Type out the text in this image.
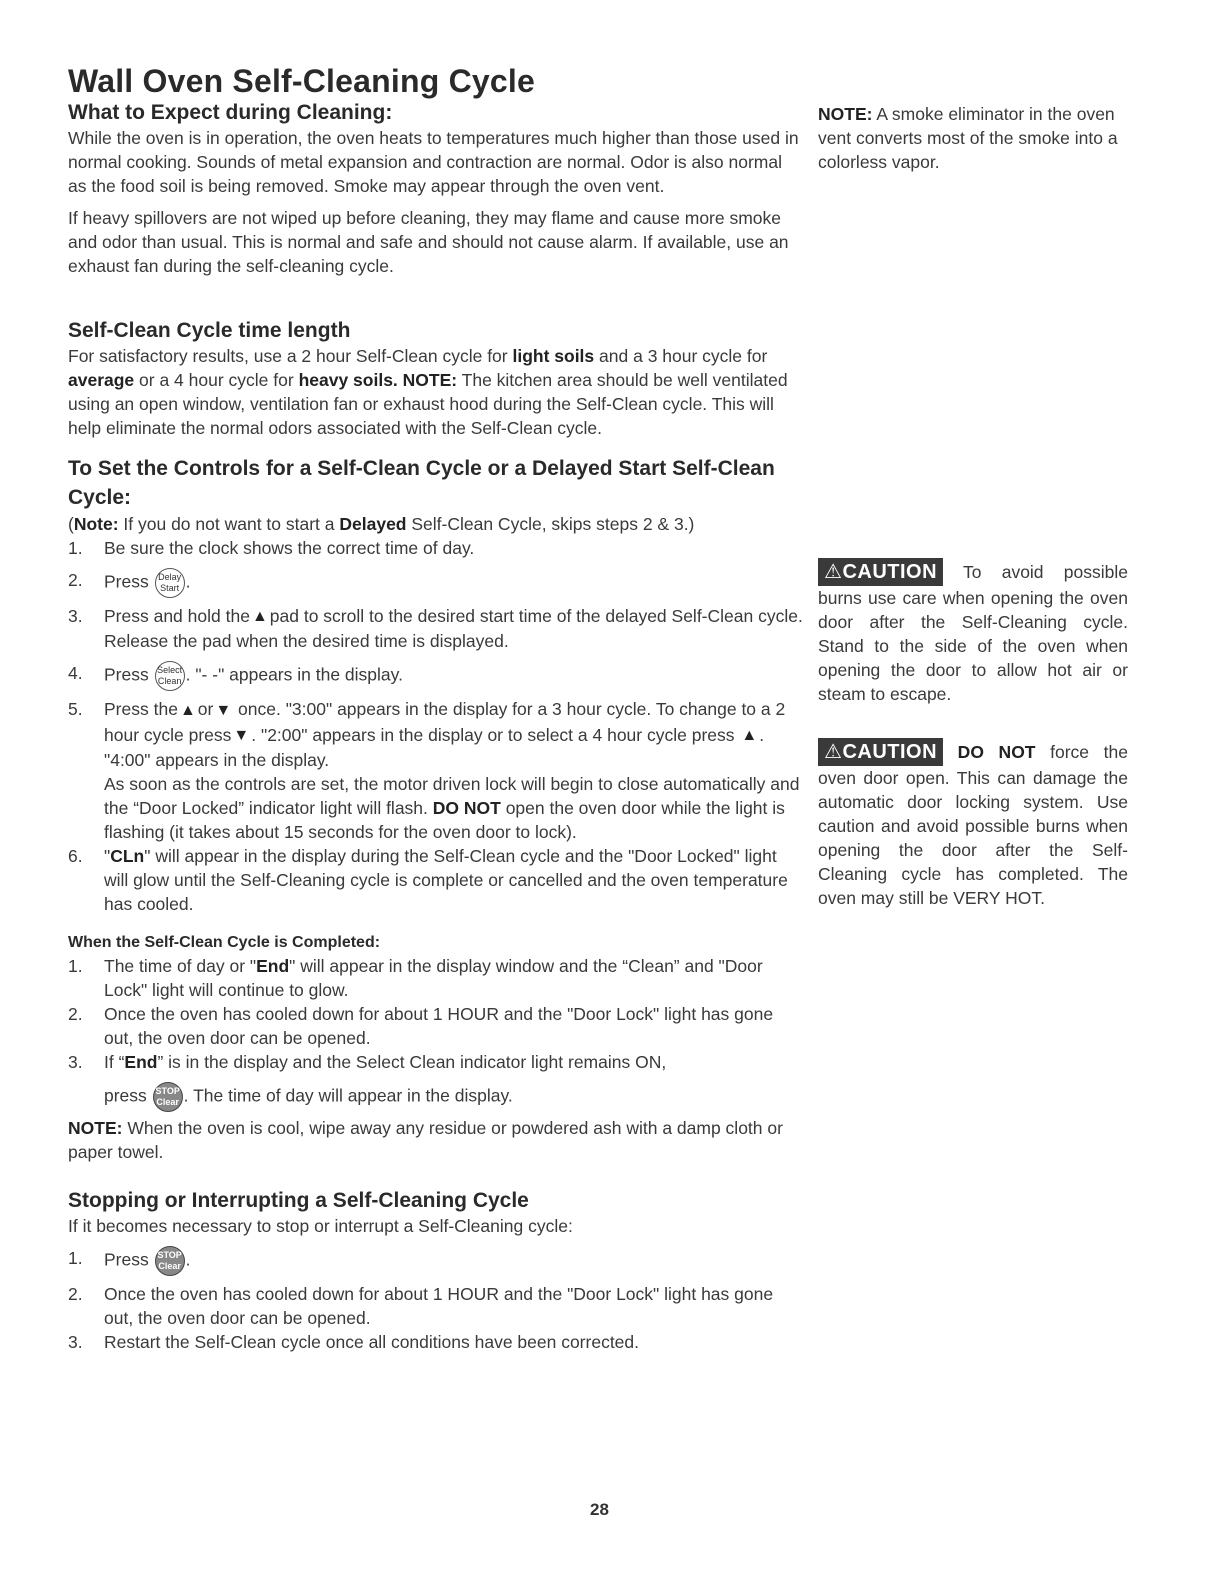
Wall Oven Self-Cleaning Cycle
What to Expect during Cleaning:

While the oven is in operation, the oven heats to temperatures much higher than those used in normal cooking. Sounds of metal expansion and contraction are normal. Odor is also normal as the food soil is being removed. Smoke may appear through the oven vent.

If heavy spillovers are not wiped up before cleaning, they may flame and cause more smoke and odor than usual. This is normal and safe and should not cause alarm. If available, use an exhaust fan during the self-cleaning cycle.

Self-Clean Cycle time length

For satisfactory results, use a 2 hour Self-Clean cycle for light soils and a 3 hour cycle for average or a 4 hour cycle for heavy soils. NOTE: The kitchen area should be well ventilated using an open window, ventilation fan or exhaust hood during the Self-Clean cycle. This will help eliminate the normal odors associated with the Self-Clean cycle.

To Set the Controls for a Self-Clean Cycle or a Delayed Start Self-Clean Cycle:

(Note: If you do not want to start a Delayed Self-Clean Cycle, skips steps 2 & 3.)

1. Be sure the clock shows the correct time of day.
2. Press Delay
Start .
3. Press and hold the ▲ pad to scroll to the desired start time of the delayed Self-Clean cycle. Release the pad when the desired time is displayed.
4. Press Select
Clean . "- -" appears in the display.
5. Press the ▲ or ▼ once. "3:00" appears in the display for a 3 hour cycle. To change to a 2 hour cycle press ▼ . "2:00" appears in the display or to select a 4 hour cycle press ▲ . "4:00" appears in the display.
As soon as the controls are set, the motor driven lock will begin to close automatically and the “Door Locked” indicator light will flash. DO NOT open the oven door while the light is flashing (it takes about 15 seconds for the oven door to lock).
6. "CLn" will appear in the display during the Self-Clean cycle and the "Door Locked" light will glow until the Self-Cleaning cycle is complete or cancelled and the oven temperature has cooled.
When the Self-Clean Cycle is Completed:
1. The time of day or "End" will appear in the display window and the “Clean” and "Door Lock" light will continue to glow.
2. Once the oven has cooled down for about 1 HOUR and the "Door Lock" light has gone out, the oven door can be opened.
3. If “End” is in the display and the Select Clean indicator light remains ON,
press STOP
Clear . The time of day will appear in the display.

NOTE: When the oven is cool, wipe away any residue or powdered ash with a damp cloth or paper towel.

Stopping or Interrupting a Self-Cleaning Cycle

If it becomes necessary to stop or interrupt a Self-Cleaning cycle:

1. Press STOP
Clear .
2. Once the oven has cooled down for about 1 HOUR and the "Door Lock" light has gone out, the oven door can be opened.
3. Restart the Self-Clean cycle once all conditions have been corrected.

NOTE: A smoke eliminator in the oven vent converts most of the smoke into a colorless vapor.

⚠CAUTION To avoid possible burns use care when opening the oven door after the Self-Cleaning cycle. Stand to the side of the oven when opening the door to allow hot air or steam to escape.

⚠CAUTION DO NOT force the oven door open. This can damage the automatic door locking system. Use caution and avoid possible burns when opening the door after the Self-Cleaning cycle has completed. The oven may still be VERY HOT.

28
